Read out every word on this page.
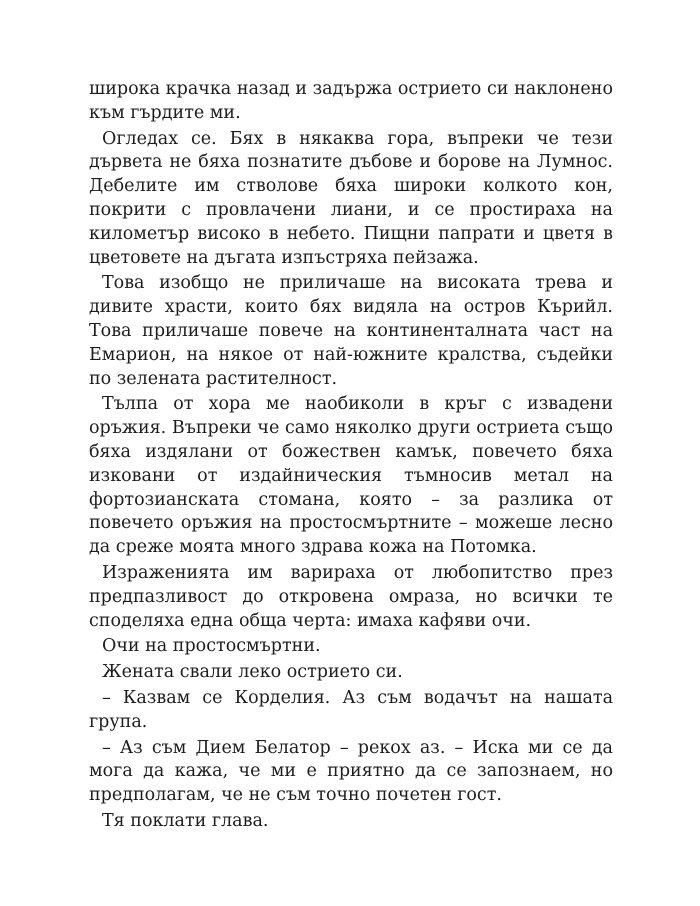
широка крачка назад и задържа острието си наклонено към гърдите ми.

Огледах се. Бях в някаква гора, въпреки че тези дървета не бяха познатите дъбове и борове на Лумнос. Дебелите им стволове бяха широки колкото кон, покрити с провлачени лиани, и се простираха на километър високо в небето. Пищни папрати и цветя в цветовете на дъгата изпъстряха пейзажа.

Това изобщо не приличаше на високата трева и дивите храсти, които бях видяла на остров Кърийл. Това приличаше повече на континенталната част на Емарион, на някое от най-южните кралства, съдейки по зелената растителност.

Тълпа от хора ме наобиколи в кръг с извадени оръжия. Въпреки че само няколко други остриета също бяха издялани от божествен камък, повечето бяха изковани от издайническия тъмносив метал на фортозианската стомана, която – за разлика от повечето оръжия на простосмъртните – можеше лесно да среже моята много здрава кожа на Потомка.

Израженията им варираха от любопитство през предпазливост до откровена омраза, но всички те споделяха една обща черта: имаха кафяви очи.

Очи на простосмъртни.

Жената свали леко острието си.

– Казвам се Корделия. Аз съм водачът на нашата група.

– Аз съм Дием Белатор – рекох аз. – Иска ми се да мога да кажа, че ми е приятно да се запознаем, но предполагам, че не съм точно почетен гост.

Тя поклати глава.
